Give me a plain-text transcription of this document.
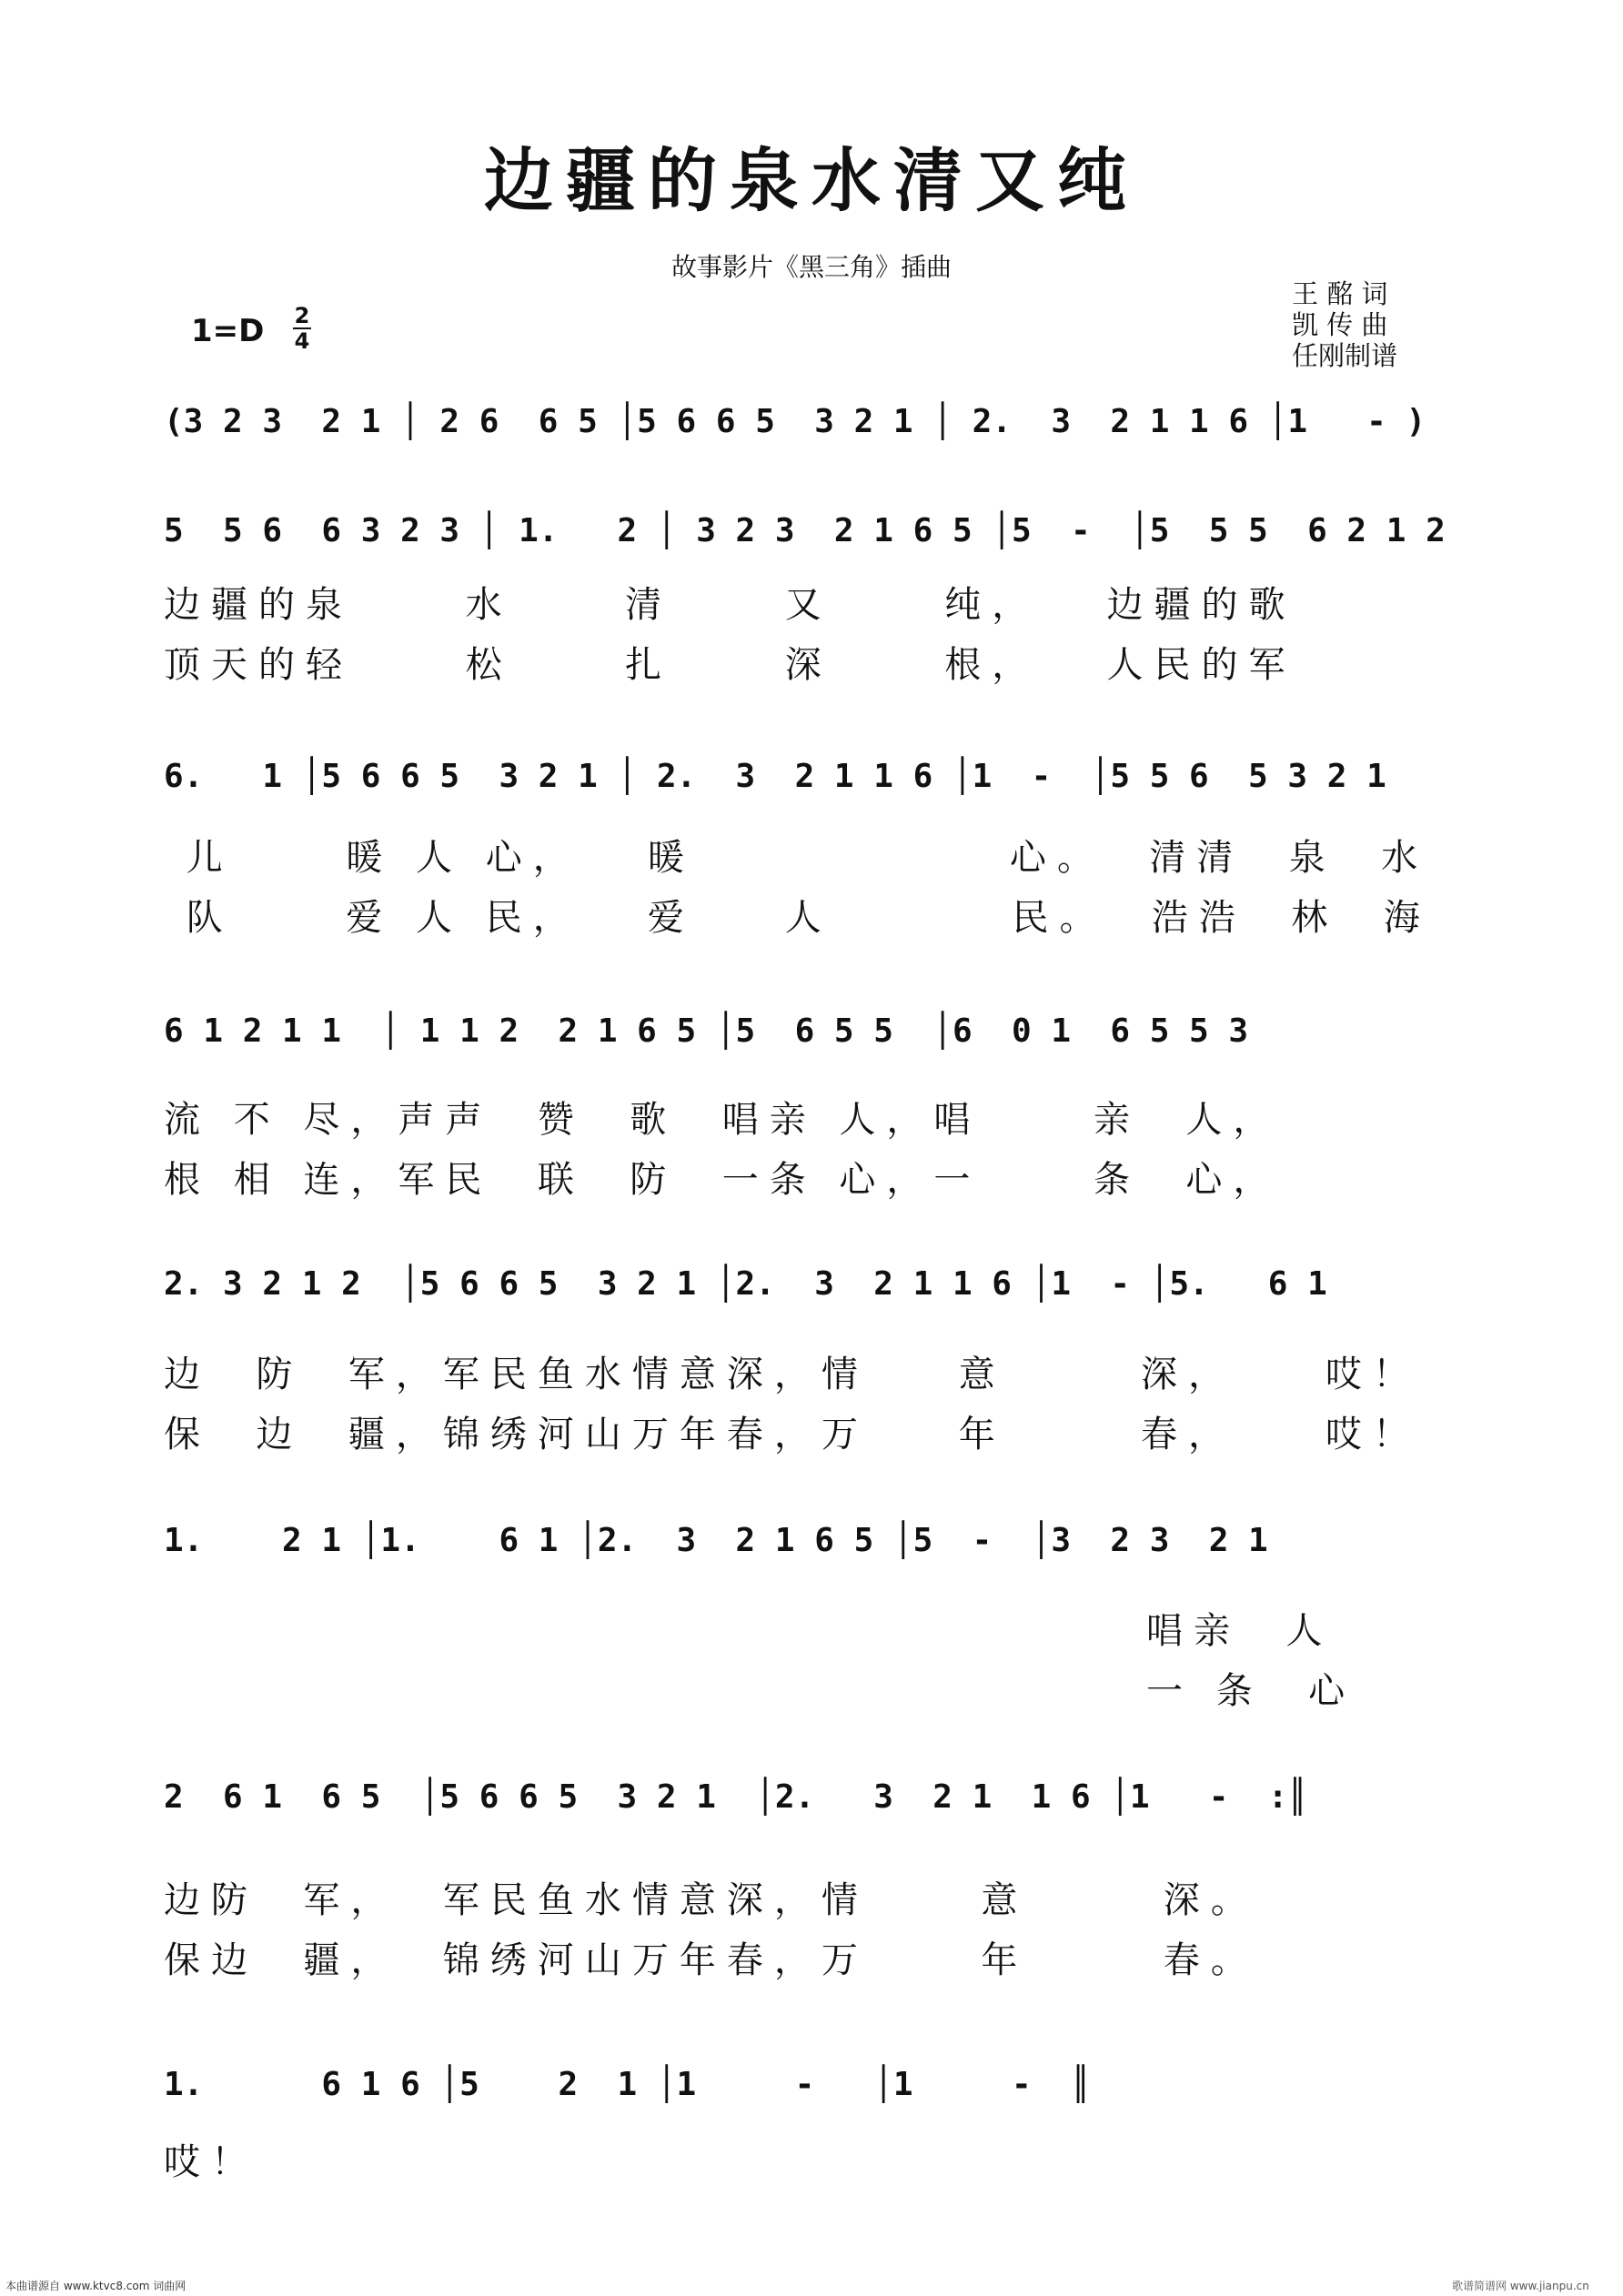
边疆的泉水清又纯
故事影片《黑三角》插曲
王 酩 词
凯 传 曲
任刚制谱
1=D 2
4
(3 2 3  2 1 │ 2 6  6 5 │5 6 6 5  3 2 1 │ 2.  3  2 1 1 6 │1   - )
5  5 6  6 3 2 3 │ 1.   2 │ 3 2 3  2 1 6 5 │5  -  │5  5 5  6 2 1 2
边疆的泉     水     清     又     纯，   边疆的歌
顶天的轻     松     扎     深     根，   人民的军
6.   1 │5 6 6 5  3 2 1 │ 2.  3  2 1 1 6 │1  -  │5 5 6  5 3 2 1
儿     暖 人 心，   暖              心。  清清  泉  水
队     爱 人 民，   爱    人        民。  浩浩  林  海
6 1 2 1 1  │ 1 1 2  2 1 6 5 │5  6 5 5  │6  0 1  6 5 5 3
流 不 尽，声声  赞  歌  唱亲 人，唱     亲  人，
根 相 连，军民  联  防  一条 心，一     条  心，
2. 3 2 1 2  │5 6 6 5  3 2 1 │2.  3  2 1 1 6 │1  - │5.   6 1
边  防  军，军民鱼水情意深，情    意      深，    哎！
保  边  疆，锦绣河山万年春，万    年      春，    哎！
1.    2 1 │1.    6 1 │2.  3  2 1 6 5 │5  -  │3  2 3  2 1
唱亲  人
一 条  心
2  6 1  6 5  │5 6 6 5  3 2 1  │2.   3  2 1  1 6 │1   -  :║
边防  军，  军民鱼水情意深，情     意      深。
保边  疆，  锦绣河山万年春，万     年      春。
1.      6 1 6 │5    2  1 │1     -   │1     -  ║
哎！
本曲谱源自 www.ktvc8.com 词曲网	歌谱简谱网 www.jianpu.cn
